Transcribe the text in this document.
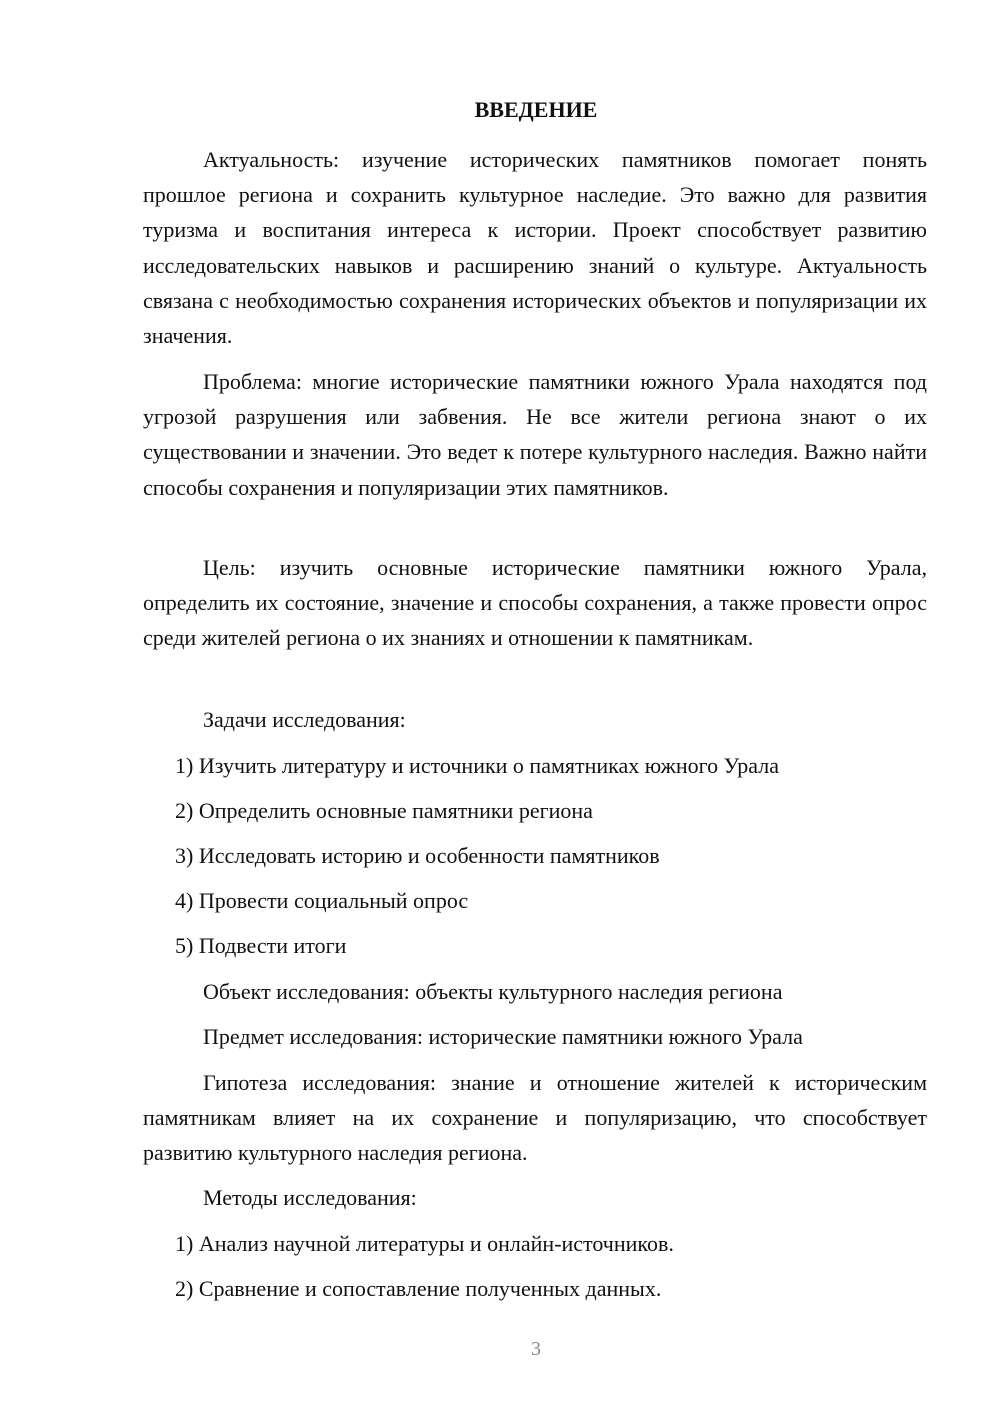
ВВЕДЕНИЕ

Актуальность: изучение исторических памятников помогает понять прошлое региона и сохранить культурное наследие. Это важно для развития туризма и воспитания интереса к истории. Проект способствует развитию исследовательских навыков и расширению знаний о культуре. Актуальность связана с необходимостью сохранения исторических объектов и популяризации их значения.

Проблема: многие исторические памятники южного Урала находятся под угрозой разрушения или забвения. Не все жители региона знают о их существовании и значении. Это ведет к потере культурного наследия. Важно найти способы сохранения и популяризации этих памятников.

Цель: изучить основные исторические памятники южного Урала, определить их состояние, значение и способы сохранения, а также провести опрос среди жителей региона о их знаниях и отношении к памятникам.

Задачи исследования:
1) Изучить литературу и источники о памятниках южного Урала
2) Определить основные памятники региона
3) Исследовать историю и особенности памятников
4) Провести социальный опрос
5) Подвести итоги
Объект исследования: объекты культурного наследия региона
Предмет исследования: исторические памятники южного Урала

Гипотеза исследования: знание и отношение жителей к историческим памятникам влияет на их сохранение и популяризацию, что способствует развитию культурного наследия региона.

Методы исследования:
1) Анализ научной литературы и онлайн-источников.
2) Сравнение и сопоставление полученных данных.
3
